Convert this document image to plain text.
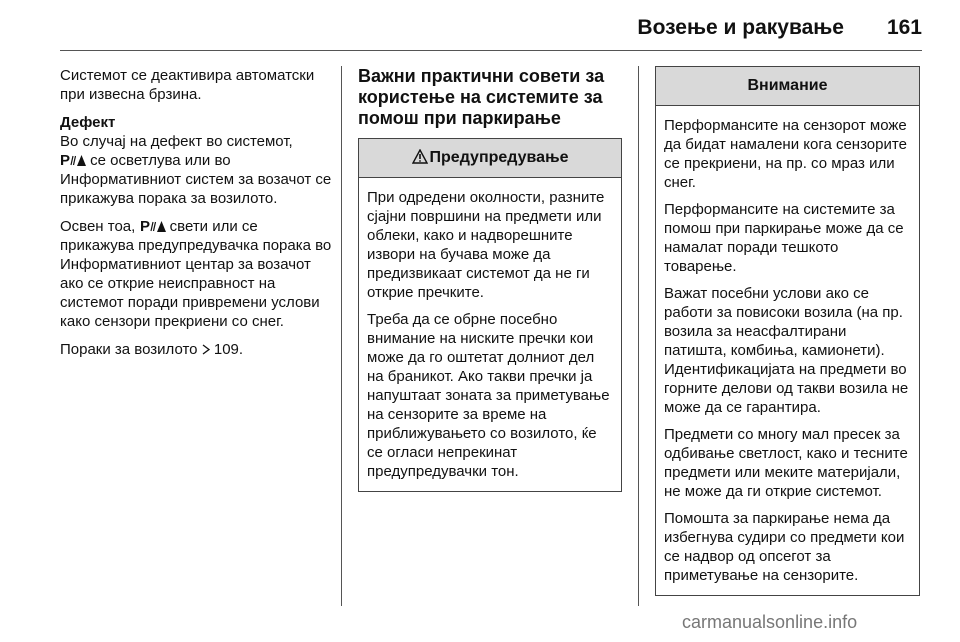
Возење и ракување 161

Системот се деактивира автоматски при извесна брзина.

Дефект

Во случај на дефект во системот,

P се осветлува или во Информативниот систем за возачот се прикажува порака за возилото.

Освен тоа, P свети или се прикажува предупредувачка порака во Информативниот центар за возачот ако се открие неисправност на системот поради привремени услови како сензори прекриени со снег.

Пораки за возилото 109.

Важни практични совети за користење на системите за помош при паркирање
Предупредување

При одредени околности, разните сјајни површини на предмети или облеки, како и надворешните извори на бучава може да предизвикаат системот да не ги открие пречките.

Треба да се обрне посебно внимание на ниските пречки кои може да го оштетат долниот дел на браникот. Ако такви пречки ја напуштаат зоната за приметување на сензорите за време на приближувањето со возилото, ќе се огласи непрекинат предупредувачки тон.

Внимание

Перформансите на сензорот може да бидат намалени кога сензорите се прекриени, на пр. со мраз или снег.

Перформансите на системите за помош при паркирање може да се намалат поради тешкото товарење.

Важат посебни услови ако се работи за повисоки возила (на пр. возила за неасфалтирани патишта, комбиња, камионети). Идентификацијата на предмети во горните делови од такви возила не може да се гарантира.

Предмети со многу мал пресек за одбивање светлост, како и тесните предмети или меките материјали, не може да ги открие системот.

Помошта за паркирање нема да избегнува судири со предмети кои се надвор од опсегот за приметување на сензорите.

carmanualsonline.info
